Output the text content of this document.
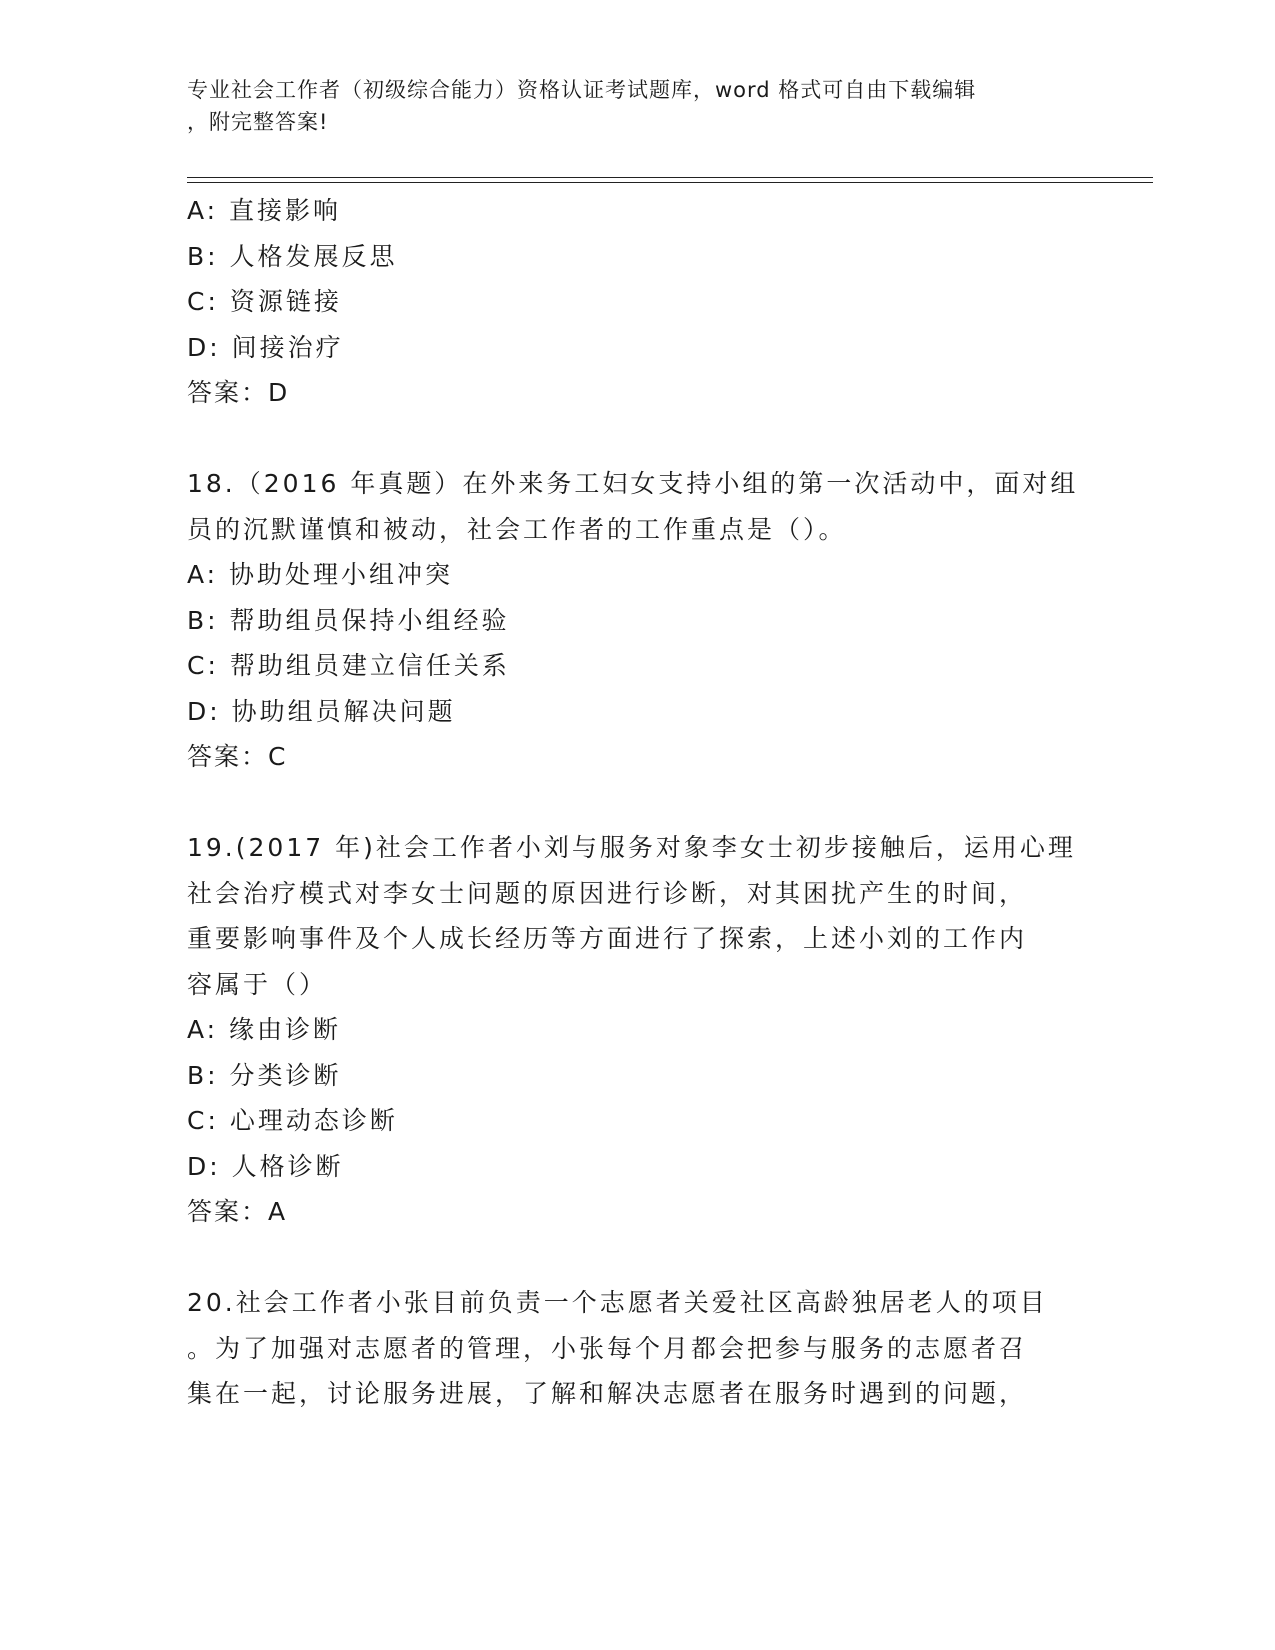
专业社会工作者（初级综合能力）资格认证考试题库，word 格式可自由下载编辑
，附完整答案!
A: 直接影响
B: 人格发展反思
C: 资源链接
D: 间接治疗
答案：D
18.（2016 年真题）在外来务工妇女支持小组的第一次活动中，面对组
员的沉默谨慎和被动，社会工作者的工作重点是（）。
A: 协助处理小组冲突
B: 帮助组员保持小组经验
C: 帮助组员建立信任关系
D: 协助组员解决问题
答案：C
19.(2017 年)社会工作者小刘与服务对象李女士初步接触后，运用心理
社会治疗模式对李女士问题的原因进行诊断，对其困扰产生的时间，
重要影响事件及个人成长经历等方面进行了探索，上述小刘的工作内
容属于（）
A: 缘由诊断
B: 分类诊断
C: 心理动态诊断
D: 人格诊断
答案：A
20.社会工作者小张目前负责一个志愿者关爱社区高龄独居老人的项目
。为了加强对志愿者的管理，小张每个月都会把参与服务的志愿者召
集在一起，讨论服务进展，了解和解决志愿者在服务时遇到的问题，
